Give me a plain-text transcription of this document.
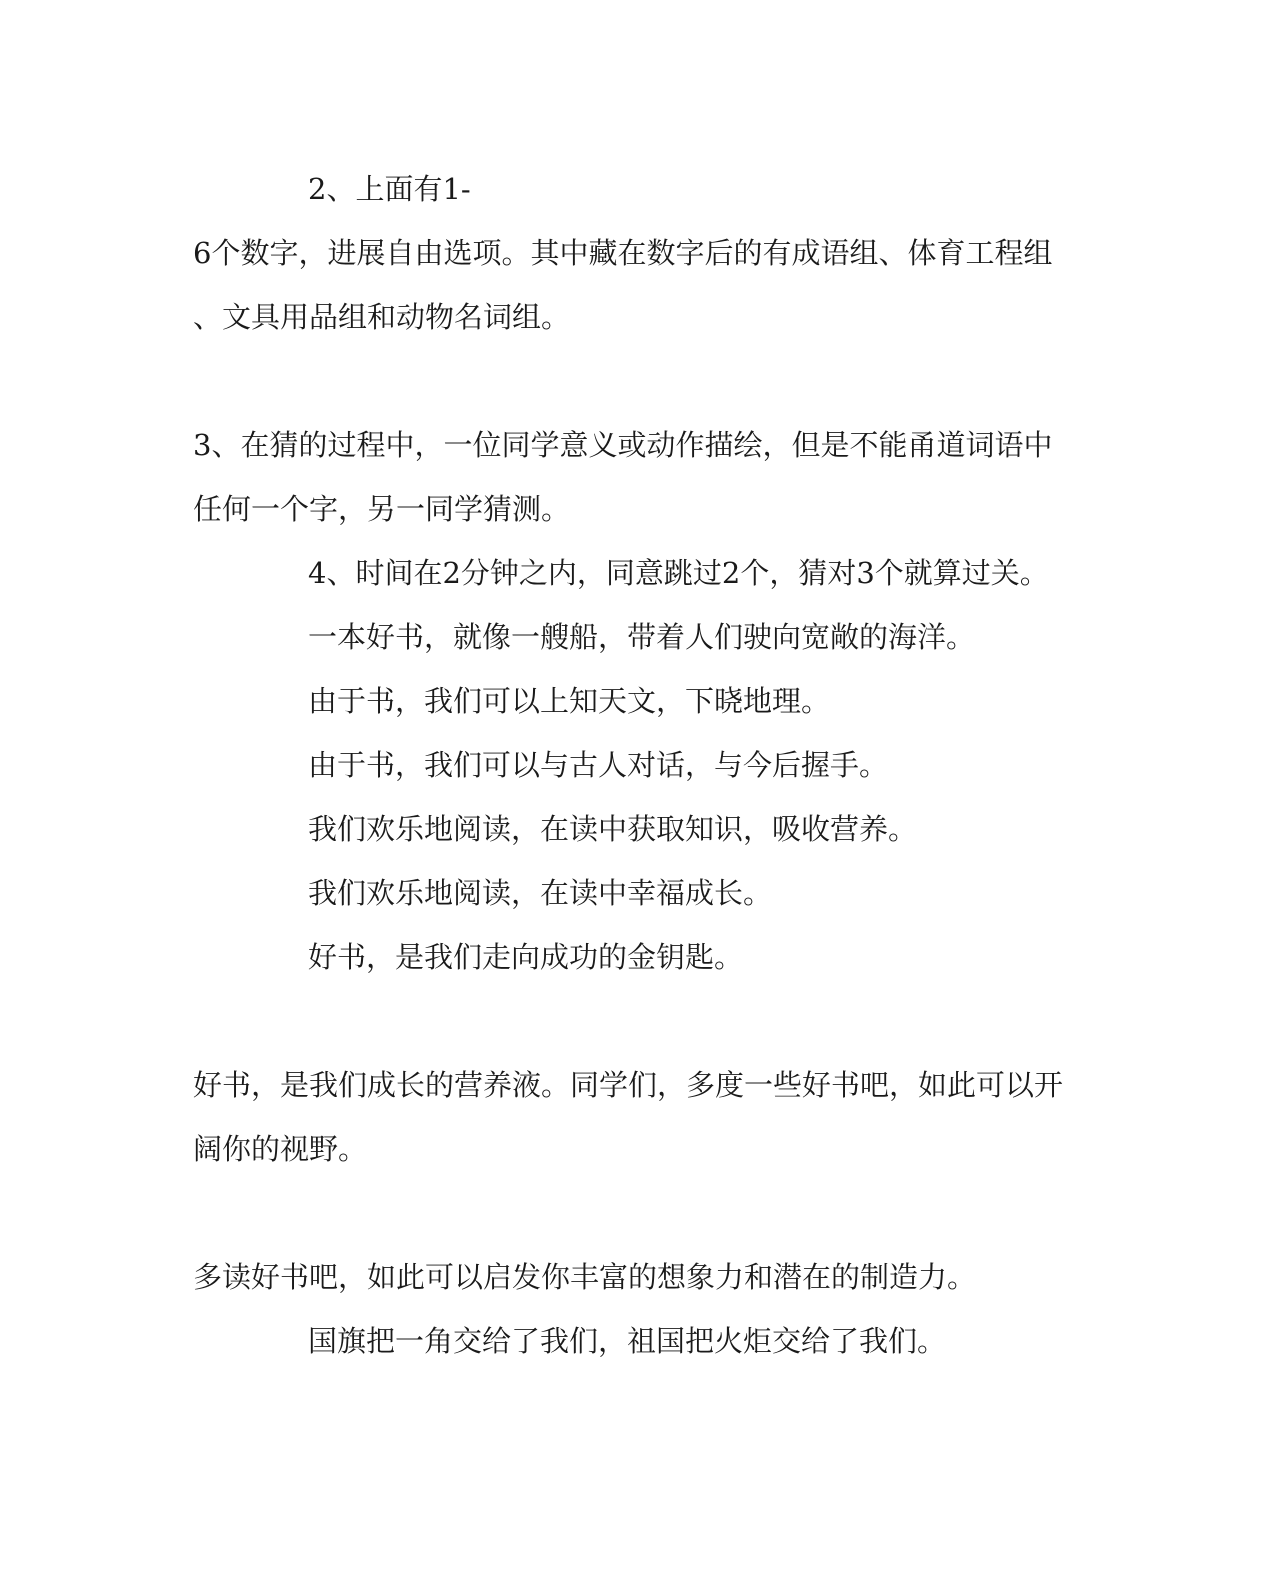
2、上面有1-
6个数字，进展自由选项。其中藏在数字后的有成语组、体育工程组
、文具用品组和动物名词组。
3、在猜的过程中，一位同学意义或动作描绘，但是不能甬道词语中
任何一个字，另一同学猜测。
4、时间在2分钟之内，同意跳过2个，猜对3个就算过关。
一本好书，就像一艘船，带着人们驶向宽敞的海洋。
由于书，我们可以上知天文，下晓地理。
由于书，我们可以与古人对话，与今后握手。
我们欢乐地阅读，在读中获取知识，吸收营养。
我们欢乐地阅读，在读中幸福成长。
好书，是我们走向成功的金钥匙。
好书，是我们成长的营养液。同学们，多度一些好书吧，如此可以开
阔你的视野。
多读好书吧，如此可以启发你丰富的想象力和潜在的制造力。
国旗把一角交给了我们，祖国把火炬交给了我们。
